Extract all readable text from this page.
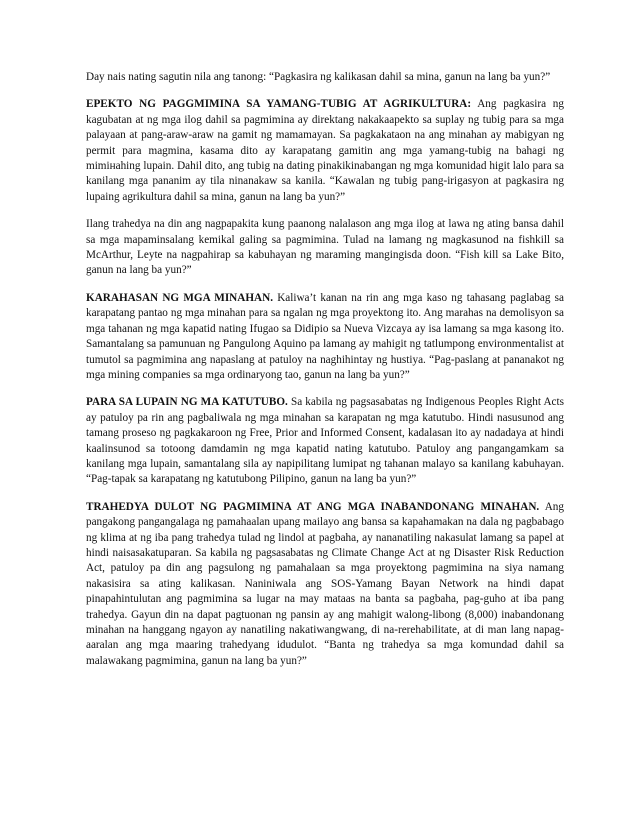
Day nais nating sagutin nila ang tanong: “Pagkasira ng kalikasan dahil sa mina, ganun na lang ba yun?”

EPEKTO NG PAGGMIMINA SA YAMANG-TUBIG AT AGRIKULTURA: Ang pagkasira ng kagubatan at ng mga ilog dahil sa pagmimina ay direktang nakakaapekto sa suplay ng tubig para sa mga palayaan at pang-araw-araw na gamit ng mamamayan. Sa pagkakataon na ang minahan ay mabigyan ng permit para magmina, kasama dito ay karapatang gamitin ang mga yamang-tubig na bahagi ng mimінahing lupain. Dahil dito, ang tubig na dating pinakikinabangan ng mga komunidad higit lalo para sa kanilang mga pananim ay tila ninanakaw sa kanila. “Kawalan ng tubig pang-irigasyon at pagkasira ng lupaing agrikultura dahil sa mina, ganun na lang ba yun?”

Ilang trahedya na din ang nagpapakita kung paanong nalalason ang mga ilog at lawa ng ating bansa dahil sa mga mapaminsalang kemikal galing sa pagmimina. Tulad na lamang ng magkasunod na fishkill sa McArthur, Leyte na nagpahirap sa kabuhayan ng maraming mangingisda doon. “Fish kill sa Lake Bito, ganun na lang ba yun?”

KARAHASAN NG MGA MINAHAN. Kaliwa’t kanan na rin ang mga kaso ng tahasang paglabag sa karapatang pantao ng mga minahan para sa ngalan ng mga proyektong ito. Ang marahas na demolisyon sa mga tahanan ng mga kapatid nating Ifugao sa Didipio sa Nueva Vizcaya ay isa lamang sa mga kasong ito. Samantalang sa pamunuan ng Pangulong Aquino pa lamang ay mahigit ng tatlumpong environmentalist at tumutol sa pagmimina ang napaslang at patuloy na naghihintay ng hustiya. “Pag-paslang at pananakot ng mga mining companies sa mga ordinaryong tao, ganun na lang ba yun?”

PARA SA LUPAIN NG MA KATUTUBO. Sa kabila ng pagsasabatas ng Indigenous Peoples Right Acts ay patuloy pa rin ang pagbaliwala ng mga minahan sa karapatan ng mga katutubo. Hindi nasusunod ang tamang proseso ng pagkakaroon ng Free, Prior and Informed Consent, kadalasan ito ay nadadaya at hindi kaalinsunod sa totoong damdamin ng mga kapatid nating katutubo. Patuloy ang pangangamkam sa kanilang mga lupain, samantalang sila ay napipilitang lumipat ng tahanan malayo sa kanilang kabuhayan. “Pag-tapak sa karapatang ng katutubong Pilipino, ganun na lang ba yun?”

TRAHEDYA DULOT NG PAGMIMINA AT ANG MGA INABANDONANG MINAHAN. Ang pangakong pangangalaga ng pamahaalan upang mailayo ang bansa sa kapahamakan na dala ng pagbabago ng klima at ng iba pang trahedya tulad ng lindol at pagbaha, ay nananatiling nakasulat lamang sa papel at hindi naisasakatuparan. Sa kabila ng pagsasabatas ng Climate Change Act at ng Disaster Risk Reduction Act, patuloy pa din ang pagsulong ng pamahalaan sa mga proyektong pagmimina na siya namang nakasisira sa ating kalikasan. Naniniwala ang SOS-Yamang Bayan Network na hindi dapat pinapahintulutan ang pagmimina sa lugar na may mataas na banta sa pagbaha, pag-guho at iba pang trahedya. Gayun din na dapat pagtuonan ng pansin ay ang mahigit walong-libong (8,000) inabandonang minahan na hanggang ngayon ay nanatiling nakatiwangwang, di na-rerehabilitate, at di man lang napag-aaralan ang mga maaring trahedyang idudulot. “Banta ng trahedya sa mga komundad dahil sa malawakang pagmimina, ganun na lang ba yun?”
